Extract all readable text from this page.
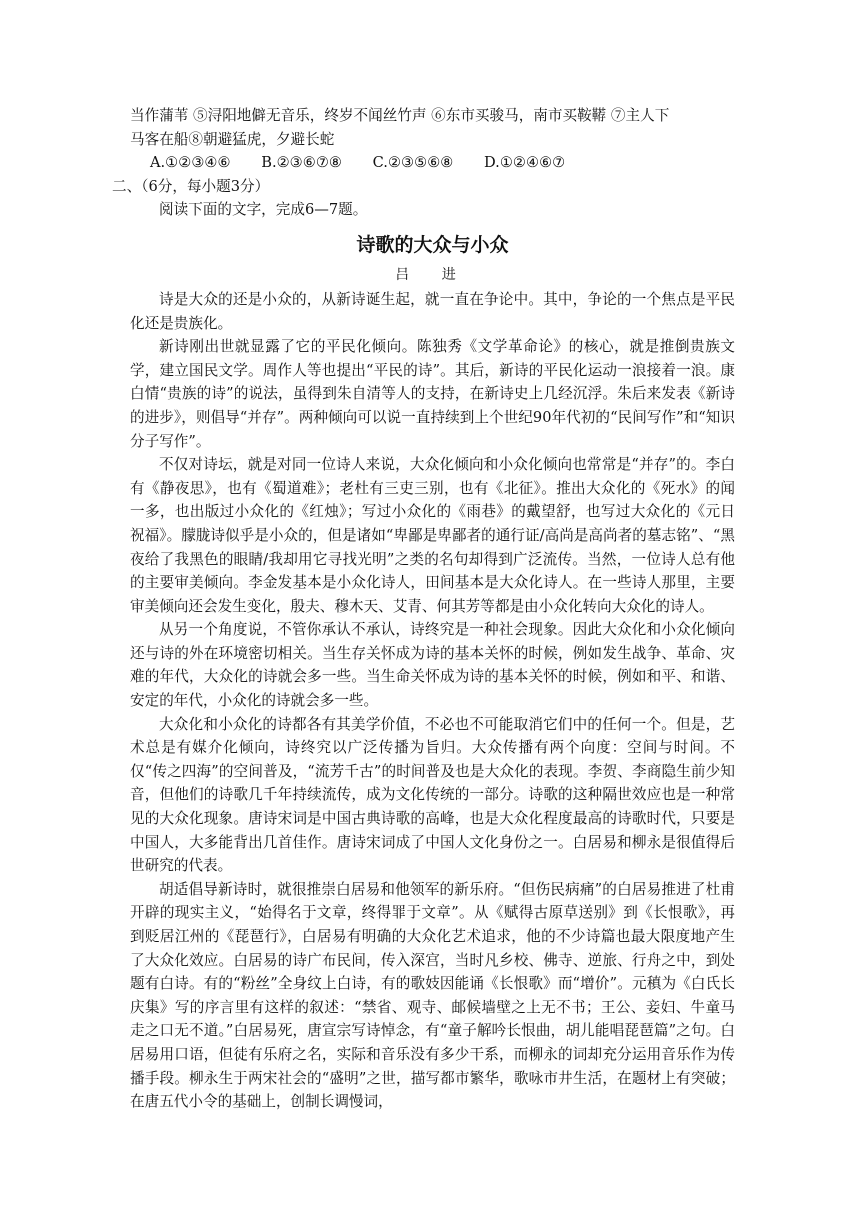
当作蒲苇 ⑤浔阳地僻无音乐，终岁不闻丝竹声 ⑥东市买骏马，南市买鞍鞯 ⑦主人下
马客在船⑧朝避猛虎，夕避长蛇
A.①②③④⑥ B.②③⑥⑦⑧ C.②③⑤⑥⑧ D.①②④⑥⑦
二、（6分，每小题3分）
阅读下面的文字，完成6—7题。
诗歌的大众与小众
吕 进

诗是大众的还是小众的，从新诗诞生起，就一直在争论中。其中，争论的一个焦点是平民化还是贵族化。

新诗刚出世就显露了它的平民化倾向。陈独秀《文学革命论》的核心，就是推倒贵族文学，建立国民文学。周作人等也提出“平民的诗”。其后，新诗的平民化运动一浪接着一浪。康白情“贵族的诗”的说法，虽得到朱自清等人的支持，在新诗史上几经沉浮。朱后来发表《新诗的进步》，则倡导“并存”。两种倾向可以说一直持续到上个世纪90年代初的“民间写作”和“知识分子写作”。

不仅对诗坛，就是对同一位诗人来说，大众化倾向和小众化倾向也常常是“并存”的。李白有《静夜思》，也有《蜀道难》；老杜有三吏三别，也有《北征》。推出大众化的《死水》的闻一多，也出版过小众化的《红烛》；写过小众化的《雨巷》的戴望舒，也写过大众化的《元日祝福》。朦胧诗似乎是小众的，但是诸如“卑鄙是卑鄙者的通行证/高尚是高尚者的墓志铭”、“黑夜给了我黑色的眼睛/我却用它寻找光明”之类的名句却得到广泛流传。当然，一位诗人总有他的主要审美倾向。李金发基本是小众化诗人，田间基本是大众化诗人。在一些诗人那里，主要审美倾向还会发生变化，殷夫、穆木天、艾青、何其芳等都是由小众化转向大众化的诗人。

从另一个角度说，不管你承认不承认，诗终究是一种社会现象。因此大众化和小众化倾向还与诗的外在环境密切相关。当生存关怀成为诗的基本关怀的时候，例如发生战争、革命、灾难的年代，大众化的诗就会多一些。当生命关怀成为诗的基本关怀的时候，例如和平、和谐、安定的年代，小众化的诗就会多一些。

大众化和小众化的诗都各有其美学价值，不必也不可能取消它们中的任何一个。但是，艺术总是有媒介化倾向，诗终究以广泛传播为旨归。大众传播有两个向度：空间与时间。不仅“传之四海”的空间普及，“流芳千古”的时间普及也是大众化的表现。李贺、李商隐生前少知音，但他们的诗歌几千年持续流传，成为文化传统的一部分。诗歌的这种隔世效应也是一种常见的大众化现象。唐诗宋词是中国古典诗歌的高峰，也是大众化程度最高的诗歌时代，只要是中国人，大多能背出几首佳作。唐诗宋词成了中国人文化身份之一。白居易和柳永是很值得后世研究的代表。

胡适倡导新诗时，就很推崇白居易和他领军的新乐府。“但伤民病痛”的白居易推进了杜甫开辟的现实主义，“始得名于文章，终得罪于文章”。从《赋得古原草送别》到《长恨歌》，再到贬居江州的《琵琶行》，白居易有明确的大众化艺术追求，他的不少诗篇也最大限度地产生了大众化效应。白居易的诗广布民间，传入深宫，当时凡乡校、佛寺、逆旅、行舟之中，到处题有白诗。有的“粉丝”全身纹上白诗，有的歌妓因能诵《长恨歌》而“增价”。元稹为《白氏长庆集》写的序言里有这样的叙述：“禁省、观寺、邮候墙壁之上无不书；王公、妾妇、牛童马走之口无不道。”白居易死，唐宣宗写诗悼念，有“童子解吟长恨曲，胡儿能唱琵琶篇”之句。白居易用口语，但徒有乐府之名，实际和音乐没有多少干系，而柳永的词却充分运用音乐作为传播手段。柳永生于两宋社会的“盛明”之世，描写都市繁华，歌咏市井生活，在题材上有突破；在唐五代小令的基础上，创制长调慢词，
